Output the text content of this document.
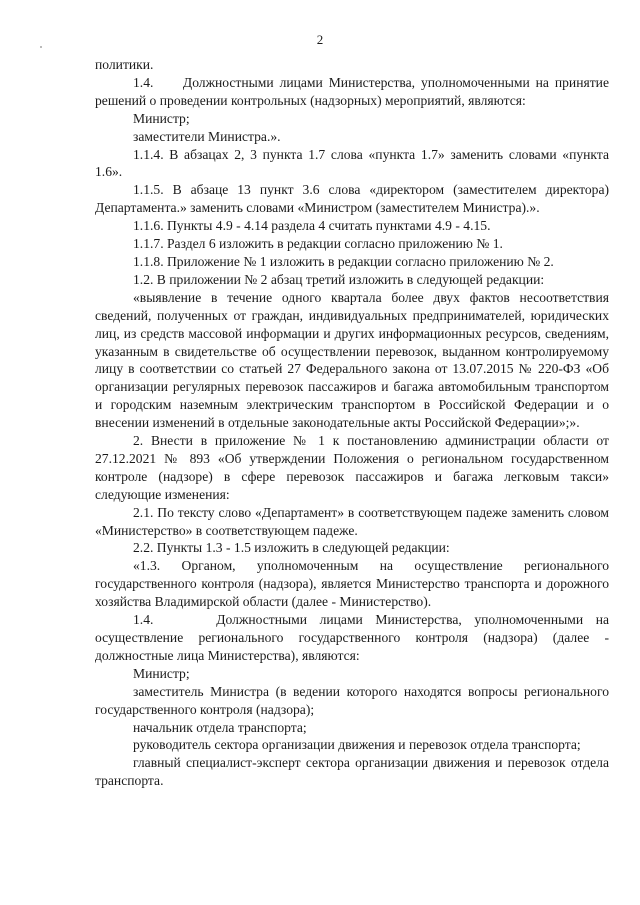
2

политики.

1.4.     Должностными лицами Министерства, уполномоченными на принятие решений о проведении контрольных (надзорных) мероприятий, являются:

Министр;

заместители Министра.».

1.1.4. В абзацах 2, 3 пункта 1.7 слова «пункта 1.7» заменить словами «пункта 1.6».

1.1.5. В абзаце 13 пункт 3.6 слова «директором (заместителем директора) Департамента.» заменить словами «Министром (заместителем Министра).».

1.1.6. Пункты 4.9 - 4.14 раздела 4 считать пунктами 4.9 - 4.15.

1.1.7. Раздел 6 изложить в редакции согласно приложению № 1.

1.1.8. Приложение № 1 изложить в редакции согласно приложению № 2.

1.2. В приложении № 2 абзац третий изложить в следующей редакции:

«выявление в течение одного квартала более двух фактов несоответствия сведений, полученных от граждан, индивидуальных предпринимателей, юридических лиц, из средств массовой информации и других информационных ресурсов, сведениям, указанным в свидетельстве об осуществлении перевозок, выданном контролируемому лицу в соответствии со статьей 27 Федерального закона от 13.07.2015 № 220-ФЗ «Об организации регулярных перевозок пассажиров и багажа автомобильным транспортом и городским наземным электрическим транспортом в Российской Федерации и о внесении изменений в отдельные законодательные акты Российской Федерации»;».

2. Внести в приложение № 1 к постановлению администрации области от 27.12.2021 № 893 «Об утверждении Положения о региональном государственном контроле (надзоре) в сфере перевозок пассажиров и багажа легковым такси» следующие изменения:

2.1. По тексту слово «Департамент» в соответствующем падеже заменить словом «Министерство» в соответствующем падеже.

2.2. Пункты 1.3 - 1.5 изложить в следующей редакции:

«1.3. Органом, уполномоченным на осуществление регионального государственного контроля (надзора), является Министерство транспорта и дорожного хозяйства Владимирской области (далее - Министерство).

1.4.     Должностными лицами Министерства, уполномоченными на осуществление регионального государственного контроля (надзора) (далее - должностные лица Министерства), являются:

Министр;

заместитель Министра (в ведении которого находятся вопросы регионального государственного контроля (надзора);

начальник отдела транспорта;

руководитель сектора организации движения и перевозок отдела транспорта;

главный специалист-эксперт сектора организации движения и перевозок отдела транспорта.
